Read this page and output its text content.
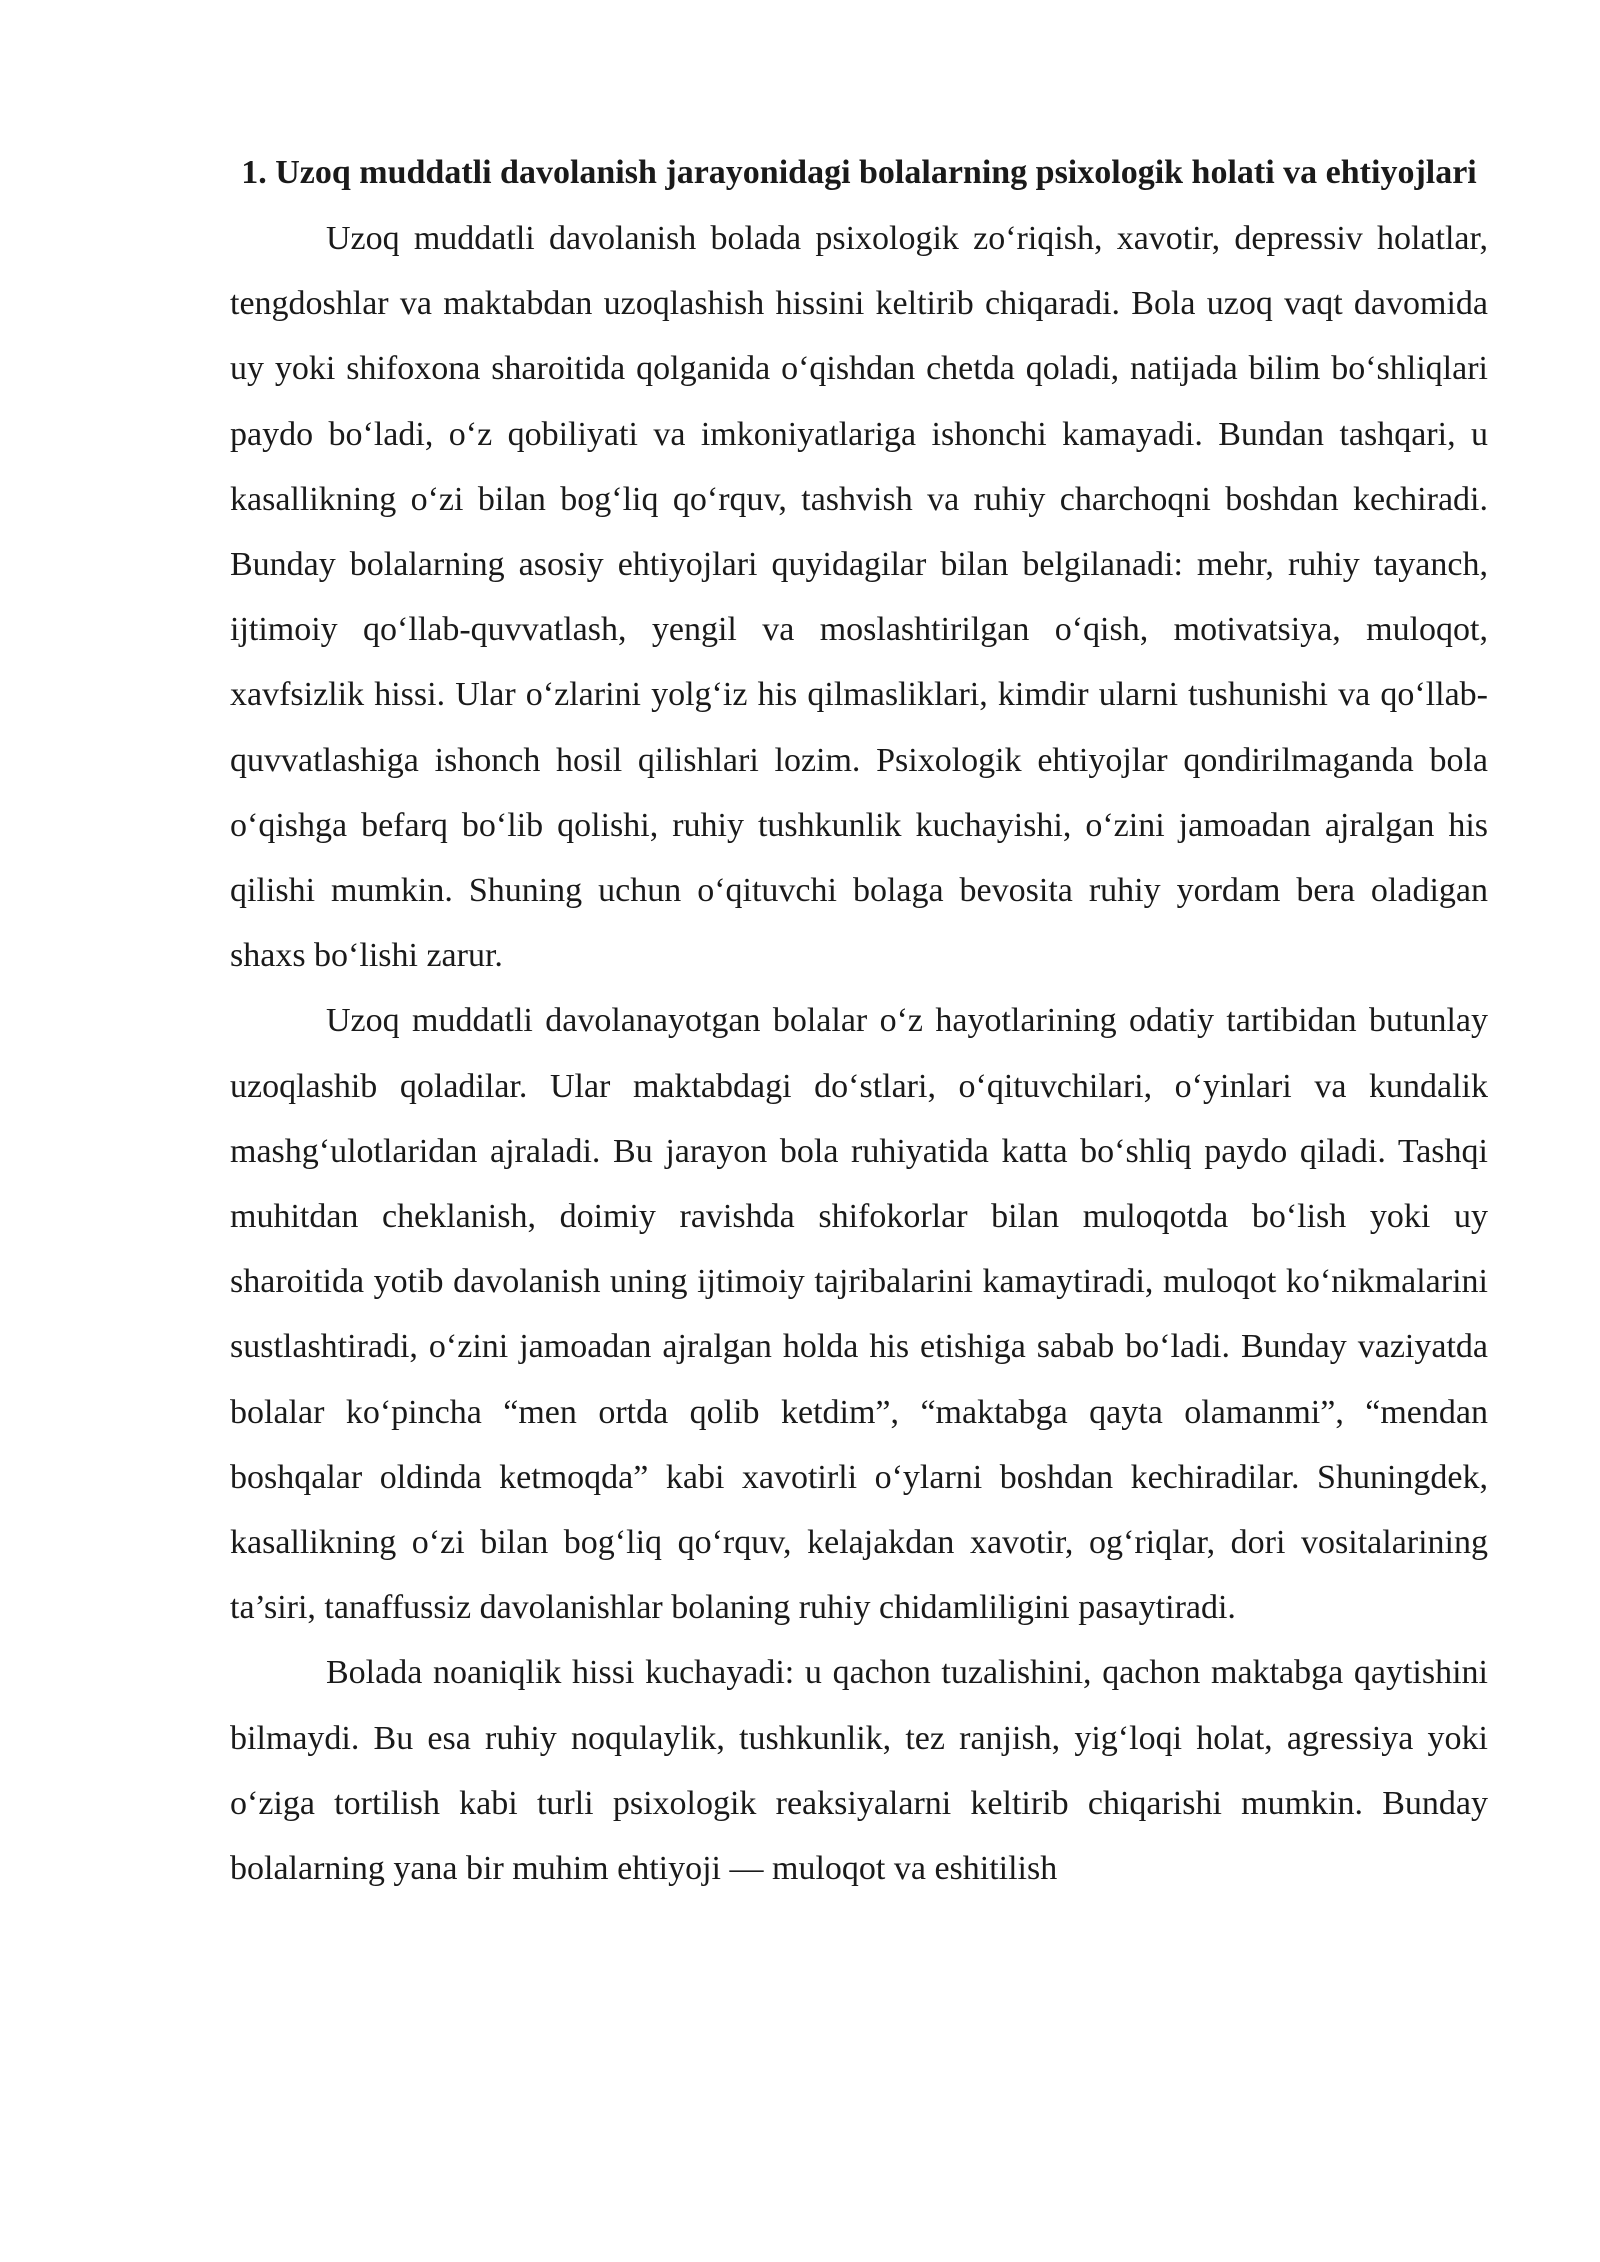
1. Uzoq muddatli davolanish jarayonidagi bolalarning psixologik holati va ehtiyojlari

Uzoq muddatli davolanish bolada psixologik zo‘riqish, xavotir, depressiv holatlar, tengdoshlar va maktabdan uzoqlashish hissini keltirib chiqaradi. Bola uzoq vaqt davomida uy yoki shifoxona sharoitida qolganida o‘qishdan chetda qoladi, natijada bilim bo‘shliqlari paydo bo‘ladi, o‘z qobiliyati va imkoniyatlariga ishonchi kamayadi. Bundan tashqari, u kasallikning o‘zi bilan bog‘liq qo‘rquv, tashvish va ruhiy charchoqni boshdan kechiradi. Bunday bolalarning asosiy ehtiyojlari quyidagilar bilan belgilanadi: mehr, ruhiy tayanch, ijtimoiy qo‘llab-quvvatlash, yengil va moslashtirilgan o‘qish, motivatsiya, muloqot, xavfsizlik hissi. Ular o‘zlarini yolg‘iz his qilmasliklari, kimdir ularni tushunishi va qo‘llab-quvvatlashiga ishonch hosil qilishlari lozim. Psixologik ehtiyojlar qondirilmaganda bola o‘qishga befarq bo‘lib qolishi, ruhiy tushkunlik kuchayishi, o‘zini jamoadan ajralgan his qilishi mumkin. Shuning uchun o‘qituvchi bolaga bevosita ruhiy yordam bera oladigan shaxs bo‘lishi zarur.

Uzoq muddatli davolanayotgan bolalar o‘z hayotlarining odatiy tartibidan butunlay uzoqlashib qoladilar. Ular maktabdagi do‘stlari, o‘qituvchilari, o‘yinlari va kundalik mashg‘ulotlaridan ajraladi. Bu jarayon bola ruhiyatida katta bo‘shliq paydo qiladi. Tashqi muhitdan cheklanish, doimiy ravishda shifokorlar bilan muloqotda bo‘lish yoki uy sharoitida yotib davolanish uning ijtimoiy tajribalarini kamaytiradi, muloqot ko‘nikmalarini sustlashtiradi, o‘zini jamoadan ajralgan holda his etishiga sabab bo‘ladi. Bunday vaziyatda bolalar ko‘pincha “men ortda qolib ketdim”, “maktabga qayta olamanmi”, “mendan boshqalar oldinda ketmoqda” kabi xavotirli o‘ylarni boshdan kechiradilar. Shuningdek, kasallikning o‘zi bilan bog‘liq qo‘rquv, kelajakdan xavotir, og‘riqlar, dori vositalarining ta’siri, tanaffussiz davolanishlar bolaning ruhiy chidamliligini pasaytiradi.

Bolada noaniqlik hissi kuchayadi: u qachon tuzalishini, qachon maktabga qaytishini bilmaydi. Bu esa ruhiy noqulaylik, tushkunlik, tez ranjish, yig‘loqi holat, agressiya yoki o‘ziga tortilish kabi turli psixologik reaksiyalarni keltirib chiqarishi mumkin. Bunday bolalarning yana bir muhim ehtiyoji — muloqot va eshitilish
